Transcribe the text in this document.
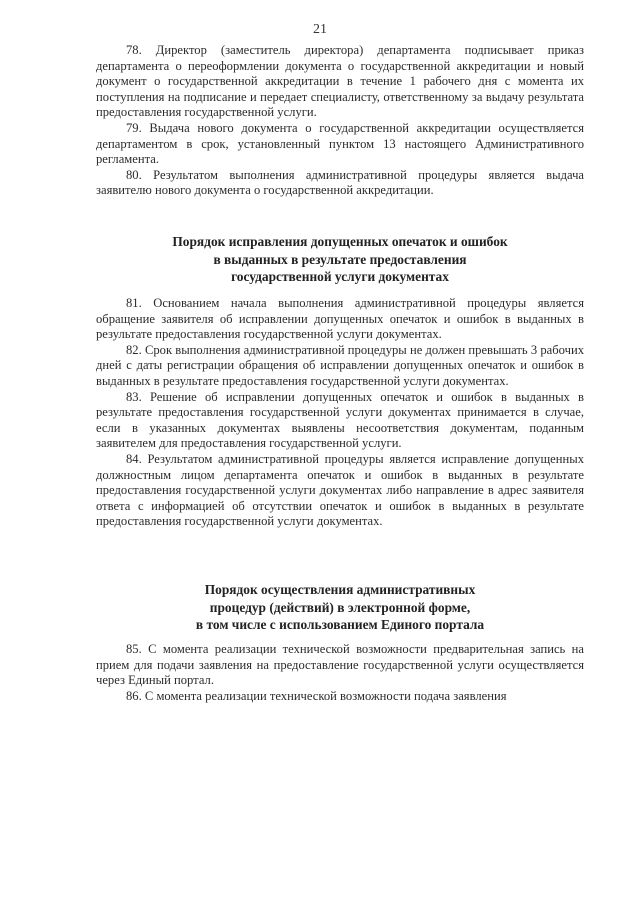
21

78. Директор (заместитель директора) департамента подписывает приказ департамента о переоформлении документа о государственной аккредитации и новый документ о государственной аккредитации в течение 1 рабочего дня с момента их поступления на подписание и передает специалисту, ответственному за выдачу результата предоставления государственной услуги.

79. Выдача нового документа о государственной аккредитации осуществляется департаментом в срок, установленный пунктом 13 настоящего Административного регламента.

80. Результатом выполнения административной процедуры является выдача заявителю нового документа о государственной аккредитации.

Порядок исправления допущенных опечаток и ошибок
в выданных в результате предоставления
государственной услуги документах

81. Основанием начала выполнения административной процедуры является обращение заявителя об исправлении допущенных опечаток и ошибок в выданных в результате предоставления государственной услуги документах.

82. Срок выполнения административной процедуры не должен превышать 3 рабочих дней с даты регистрации обращения об исправлении допущенных опечаток и ошибок в выданных в результате предоставления государственной услуги документах.

83. Решение об исправлении допущенных опечаток и ошибок в выданных в результате предоставления государственной услуги документах принимается в случае, если в указанных документах выявлены несоответствия документам, поданным заявителем для предоставления государственной услуги.

84. Результатом административной процедуры является исправление допущенных должностным лицом департамента опечаток и ошибок в выданных в результате предоставления государственной услуги документах либо направление в адрес заявителя ответа с информацией об отсутствии опечаток и ошибок в выданных в результате предоставления государственной услуги документах.

Порядок осуществления административных
процедур (действий) в электронной форме,
в том числе с использованием Единого портала

85. С момента реализации технической возможности предварительная запись на прием для подачи заявления на предоставление государственной услуги осуществляется через Единый портал.

86. С момента реализации технической возможности подача заявления
